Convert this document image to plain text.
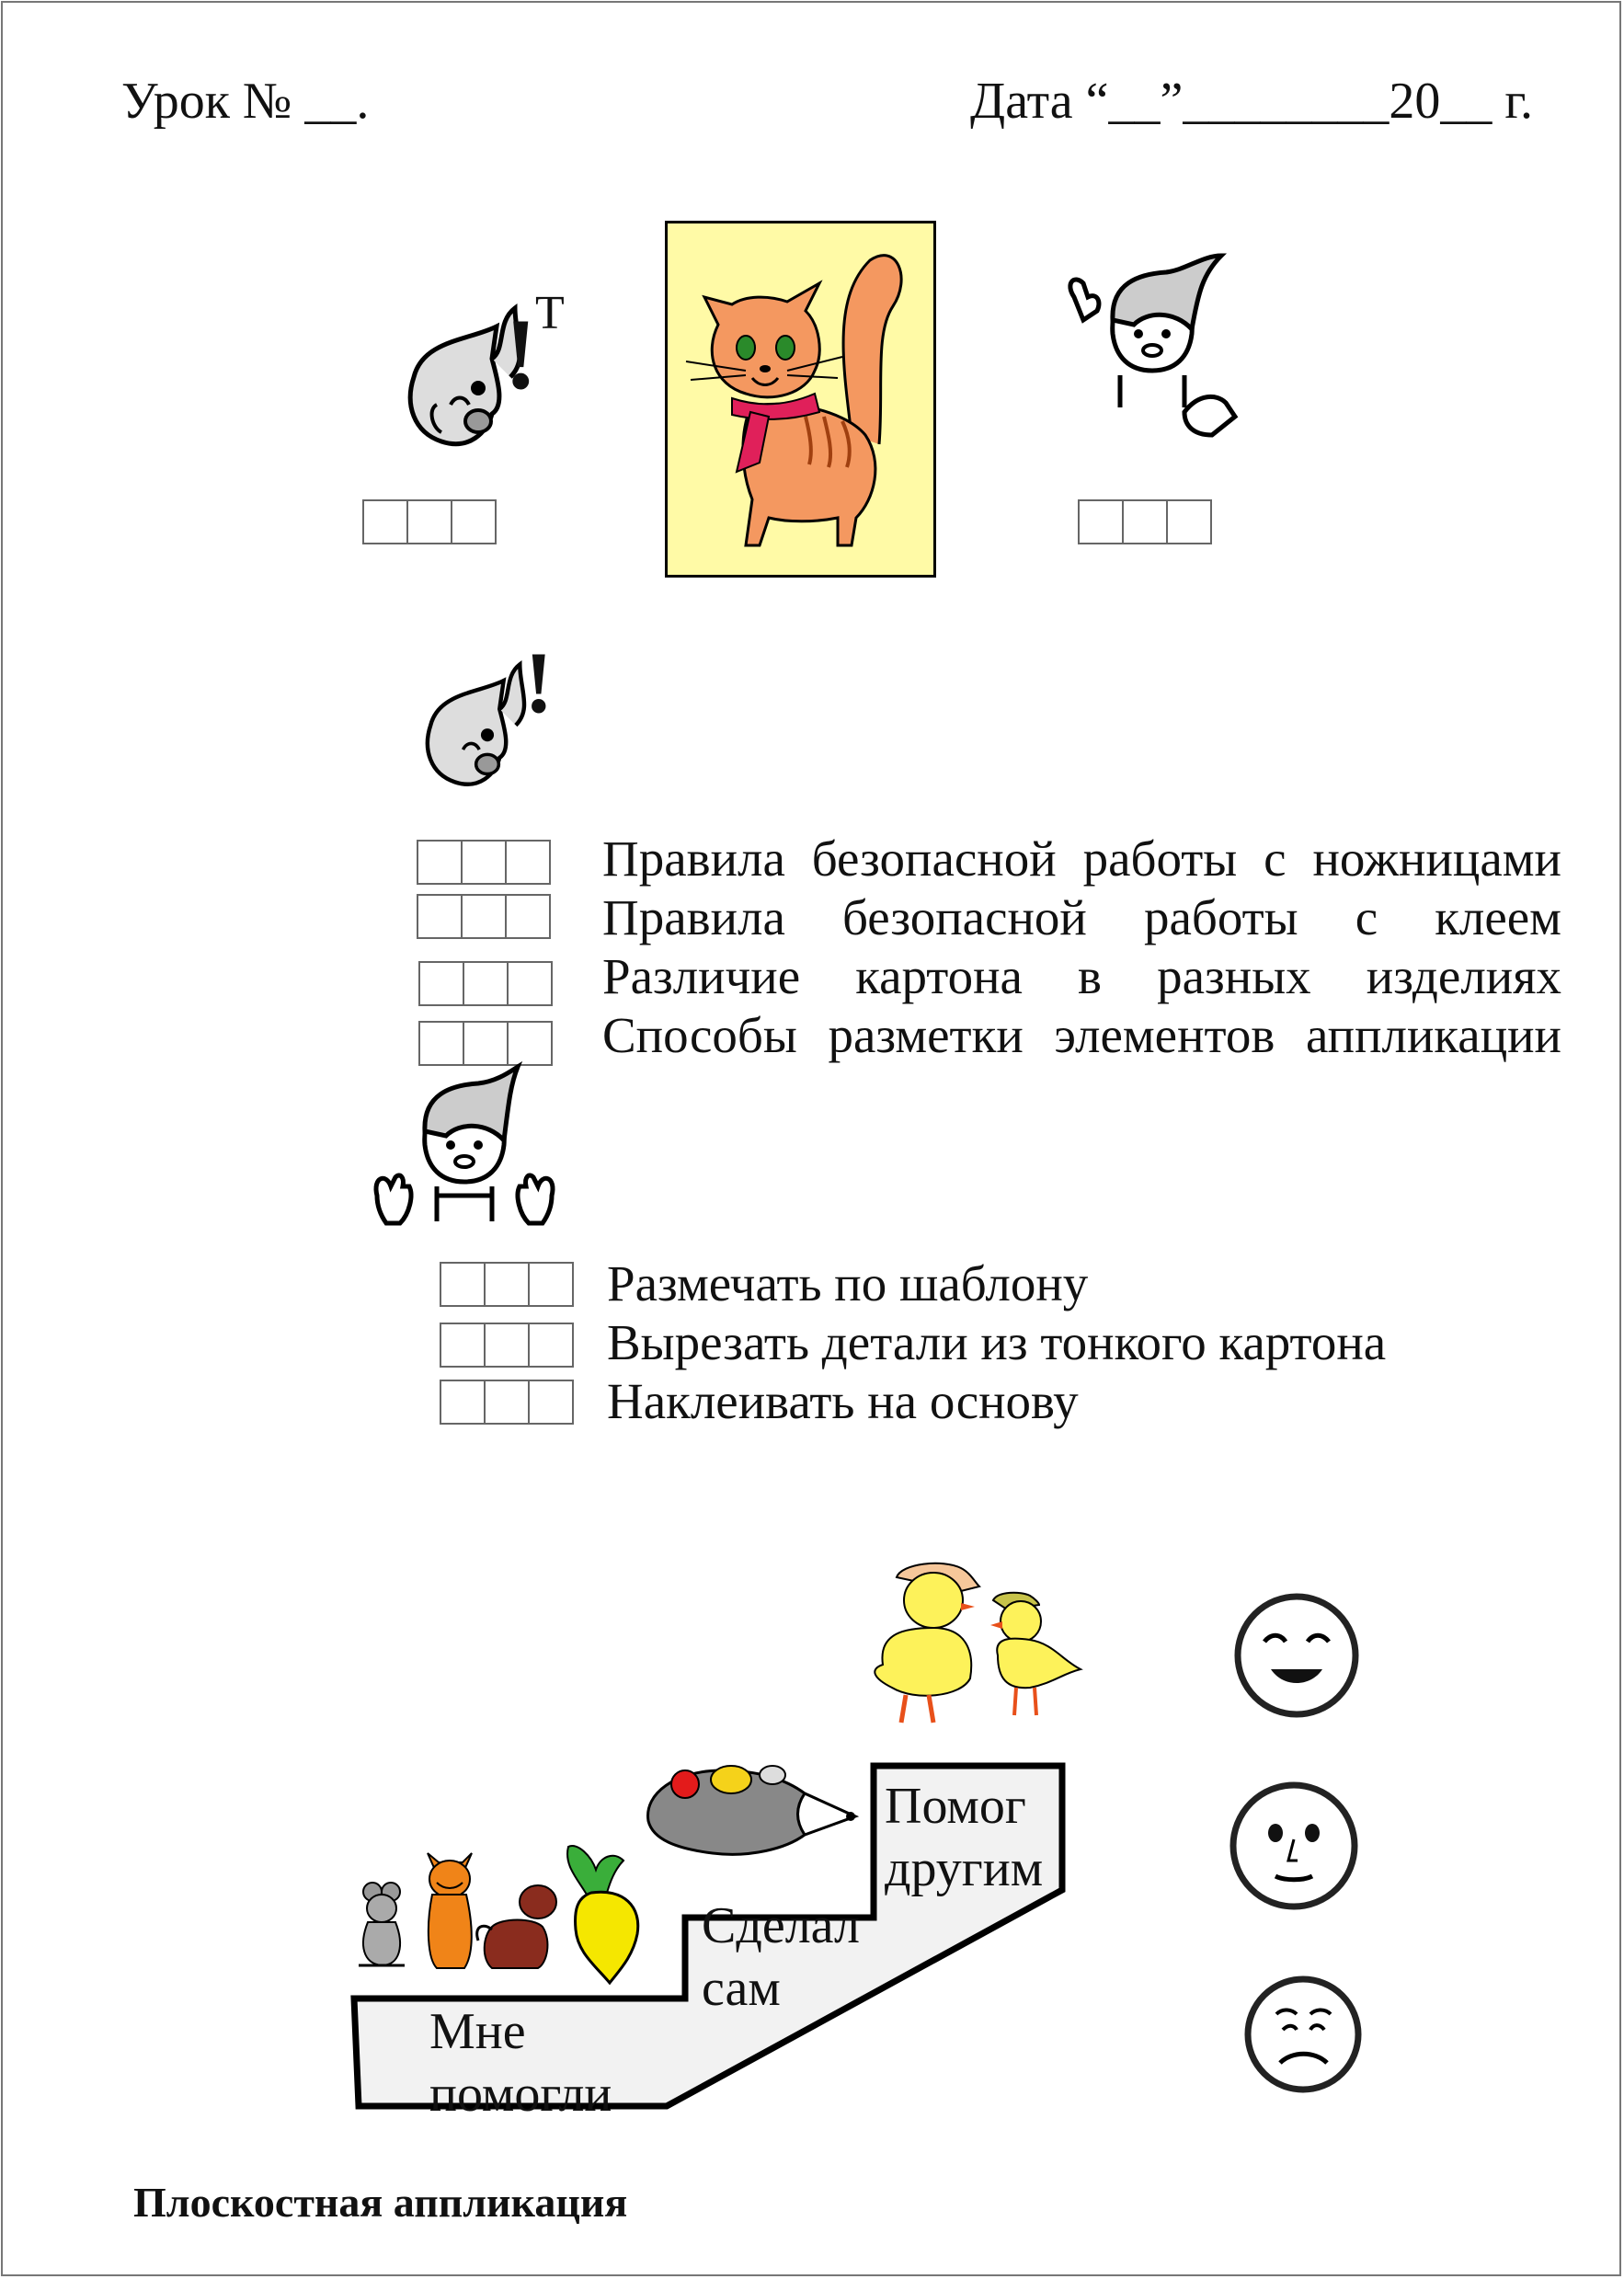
Урок № __.	Дата “__”________20__ г.
!
T
!
Правила безопасной работы с ножницами
Правила безопасной работы с клеем
Различие картона в разных изделиях
Способы разметки элементов аппликации
Размечать по шаблону
Вырезать детали из тонкого картона
Наклеивать на основу
Мне
помогли
Сделал
сам
Помог
другим
Плоскостная аппликация
